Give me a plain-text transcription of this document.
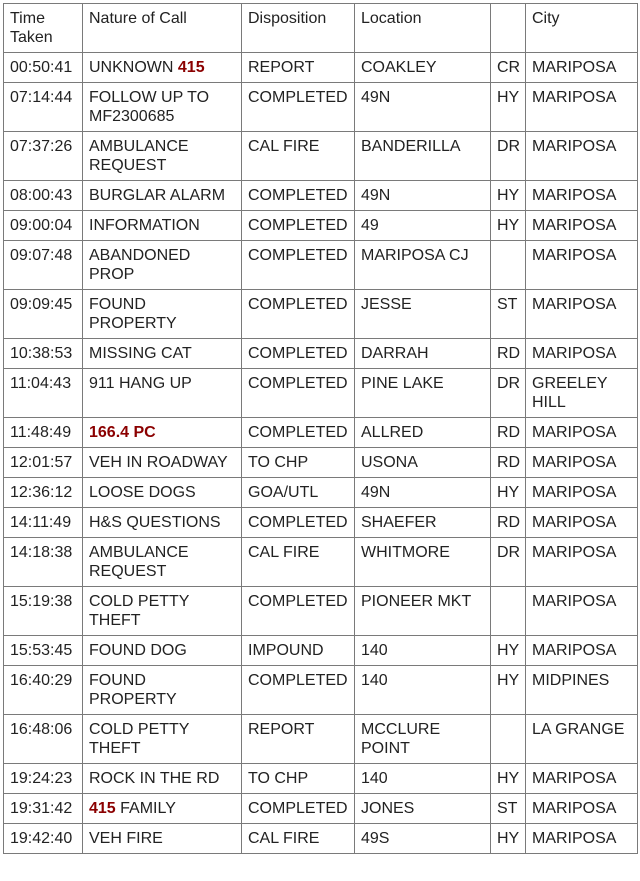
Time Taken	Nature of Call	Disposition	Location		City
00:50:41	UNKNOWN 415	REPORT	COAKLEY	CR	MARIPOSA
07:14:44	FOLLOW UP TO MF2300685	COMPLETED	49N	HY	MARIPOSA
07:37:26	AMBULANCE REQUEST	CAL FIRE	BANDERILLA	DR	MARIPOSA
08:00:43	BURGLAR ALARM	COMPLETED	49N	HY	MARIPOSA
09:00:04	INFORMATION	COMPLETED	49	HY	MARIPOSA
09:07:48	ABANDONED PROP	COMPLETED	MARIPOSA CJ		MARIPOSA
09:09:45	FOUND PROPERTY	COMPLETED	JESSE	ST	MARIPOSA
10:38:53	MISSING CAT	COMPLETED	DARRAH	RD	MARIPOSA
11:04:43	911 HANG UP	COMPLETED	PINE LAKE	DR	GREELEY HILL
11:48:49	166.4 PC	COMPLETED	ALLRED	RD	MARIPOSA
12:01:57	VEH IN ROADWAY	TO CHP	USONA	RD	MARIPOSA
12:36:12	LOOSE DOGS	GOA/UTL	49N	HY	MARIPOSA
14:11:49	H&S QUESTIONS	COMPLETED	SHAEFER	RD	MARIPOSA
14:18:38	AMBULANCE REQUEST	CAL FIRE	WHITMORE	DR	MARIPOSA
15:19:38	COLD PETTY THEFT	COMPLETED	PIONEER MKT		MARIPOSA
15:53:45	FOUND DOG	IMPOUND	140	HY	MARIPOSA
16:40:29	FOUND PROPERTY	COMPLETED	140	HY	MIDPINES
16:48:06	COLD PETTY THEFT	REPORT	MCCLURE POINT		LA GRANGE
19:24:23	ROCK IN THE RD	TO CHP	140	HY	MARIPOSA
19:31:42	415 FAMILY	COMPLETED	JONES	ST	MARIPOSA
19:42:40	VEH FIRE	CAL FIRE	49S	HY	MARIPOSA
